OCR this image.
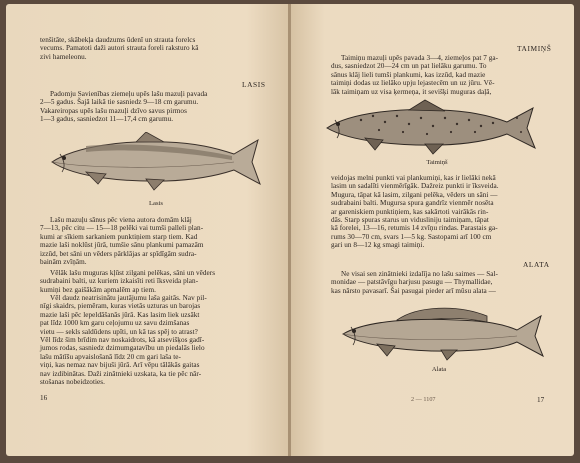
tenšitāte, skābekļa daudzums ūdenī un strauta forelcs
vecums. Pamatoti daži autori strauta foreli raksturo kā
zivi hameleonu.

LASIS

Padomju Savienības ziemeļu upēs lašu mazuļi pavada
2—5 gadus. Šajā laikā tie sasniedz 9—18 cm garumu.
Vakareiropas upēs lašu mazuļi dzīvo savus pirmos
1—3 gadus, sasniedzot 11—17,4 cm garumu.

Lasis

Lašu mazuļu sānus pēc viena autora domām klāj
7—13, pēc citu — 15—18 pelēki vai tumši palleli plan-
kumi ar sīkiem sarkaniem punktiņiem starp tiem. Kad
mazie laši noklūst jūrā, tumšie sānu plankumi pamazām
izzūd, bet sāni un vēders pārklājas ar spīdīgām sudra-
bainām zvīņām.

Vēlāk lašu muguras kļūst zilgani pelēkas, sāni un vēders
sudrabaini balti, uz kuriem izkaisīti reti īksveida plan-
kumiņi bez gaišākām apmalēm ap tiem.

Vēl daudz neatrisinātu jautājumu laša gaitās. Nav pil-
nīgi skaidrs, piemēram, kuras vietās uzturas un barojas
mazie laši pēc lepeldāšanās jūrā. Kas lasim liek uzsākt
pat līdz 1000 km garu ceļojumu uz savu dzimšanas
vietu — sekls saldūdens upīti, un kā tas spēj to atrast?
Vēl līdz šim brīdim nav noskaidrots, kā atsevišķos gadī-
jumos rodas, sasniedz dzimumgatavību un piedalās lielo
lašu mātīšu apvaislošanā līdz 20 cm gari laša te-
viņi, kas nemaz nav bijuši jūrā. Arī vēpu tālākās gaitas
nav izdibinātas. Daži zinātnieki uzskata, ka tie pēc nār-
stošanas nobeidzoties.

16

TAIMIŅŠ

Taimiņu mazuļi upēs pavada 3—4, ziemeļos pat 7 ga-
dus, sasniedzot 20—24 cm un pat lielāku garumu. To
sānus klāj lieli tumši plankumi, kas izzūd, kad mazie
taimiņi dodas uz lielāko upju lejastecēm un uz jūru. Vē-
lāk taimiņam uz visa ķermeņa, it sevišķi muguras daļā,

Taimiņš

veidojas melni punkti vai plankumiņi, kas ir lielāki nekā
lasim un sadalīti vienmērīgāk. Dažreiz punkti ir īksveida.
Mugura, tāpat kā lasim, zilgani pelēka, vēders un sāni —
sudrabaini balti. Mugursa spura gandrīz vienmēr nosēta
ar gareniskiem punktiņiem, kas sakārtoti vairākās rin-
dās. Starp spuras starus un vidusliniju taimiņam, tāpat
kā forelei, 13—16, retumis 14 zvīņu rindas. Parastais ga-
rums 30—70 cm, svars 1—5 kg. Sastopami arī 100 cm
gari un 8—12 kg smagi taimiņi.

ALATA

Ne visai sen zinātnieki izdalīja no lašu saimes — Sal-
monidae — patstāvīgu harjusu pasugu — Thymallidae,
kas nārsto pavasarī. Šai pasugai pieder arī mūsu alata —

Alata

2 — 1107	17
